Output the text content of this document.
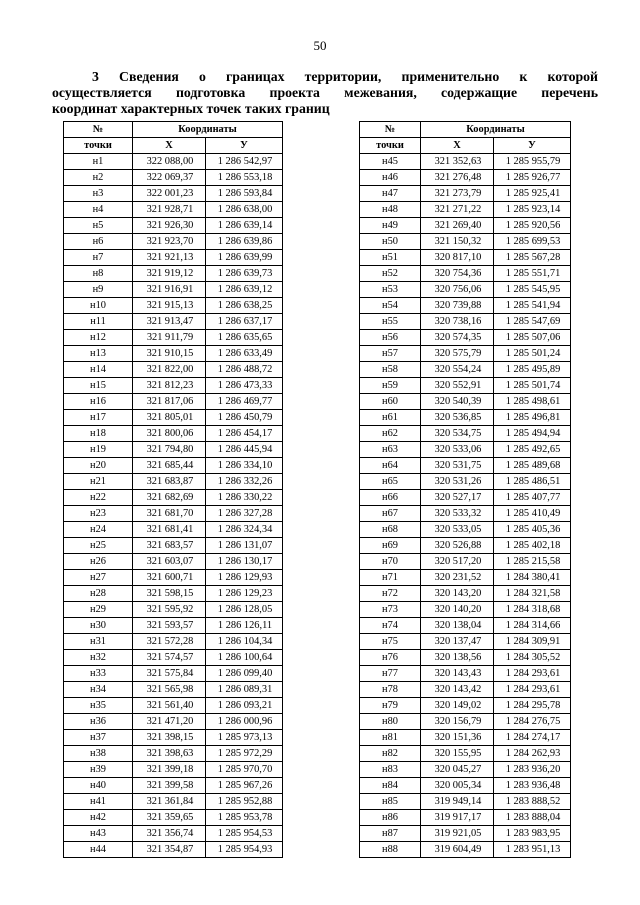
50

3 Сведения о границах территории, применительно к которой

осуществляется подготовка проекта межевания, содержащие перечень

координат характерных точек таких границ

№	Координаты	
точки	Х	У
н1	322 088,00	1 286 542,97
н2	322 069,37	1 286 553,18
н3	322 001,23	1 286 593,84
н4	321 928,71	1 286 638,00
н5	321 926,30	1 286 639,14
н6	321 923,70	1 286 639,86
н7	321 921,13	1 286 639,99
н8	321 919,12	1 286 639,73
н9	321 916,91	1 286 639,12
н10	321 915,13	1 286 638,25
н11	321 913,47	1 286 637,17
н12	321 911,79	1 286 635,65
н13	321 910,15	1 286 633,49
н14	321 822,00	1 286 488,72
н15	321 812,23	1 286 473,33
н16	321 817,06	1 286 469,77
н17	321 805,01	1 286 450,79
н18	321 800,06	1 286 454,17
н19	321 794,80	1 286 445,94
н20	321 685,44	1 286 334,10
н21	321 683,87	1 286 332,26
н22	321 682,69	1 286 330,22
н23	321 681,70	1 286 327,28
н24	321 681,41	1 286 324,34
н25	321 683,57	1 286 131,07
н26	321 603,07	1 286 130,17
н27	321 600,71	1 286 129,93
н28	321 598,15	1 286 129,23
н29	321 595,92	1 286 128,05
н30	321 593,57	1 286 126,11
н31	321 572,28	1 286 104,34
н32	321 574,57	1 286 100,64
н33	321 575,84	1 286 099,40
н34	321 565,98	1 286 089,31
н35	321 561,40	1 286 093,21
н36	321 471,20	1 286 000,96
н37	321 398,15	1 285 973,13
н38	321 398,63	1 285 972,29
н39	321 399,18	1 285 970,70
н40	321 399,58	1 285 967,26
н41	321 361,84	1 285 952,88
н42	321 359,65	1 285 953,78
н43	321 356,74	1 285 954,53
н44	321 354,87	1 285 954,93
№	Координаты	
точки	Х	У
н45	321 352,63	1 285 955,79
н46	321 276,48	1 285 926,77
н47	321 273,79	1 285 925,41
н48	321 271,22	1 285 923,14
н49	321 269,40	1 285 920,56
н50	321 150,32	1 285 699,53
н51	320 817,10	1 285 567,28
н52	320 754,36	1 285 551,71
н53	320 756,06	1 285 545,95
н54	320 739,88	1 285 541,94
н55	320 738,16	1 285 547,69
н56	320 574,35	1 285 507,06
н57	320 575,79	1 285 501,24
н58	320 554,24	1 285 495,89
н59	320 552,91	1 285 501,74
н60	320 540,39	1 285 498,61
н61	320 536,85	1 285 496,81
н62	320 534,75	1 285 494,94
н63	320 533,06	1 285 492,65
н64	320 531,75	1 285 489,68
н65	320 531,26	1 285 486,51
н66	320 527,17	1 285 407,77
н67	320 533,32	1 285 410,49
н68	320 533,05	1 285 405,36
н69	320 526,88	1 285 402,18
н70	320 517,20	1 285 215,58
н71	320 231,52	1 284 380,41
н72	320 143,20	1 284 321,58
н73	320 140,20	1 284 318,68
н74	320 138,04	1 284 314,66
н75	320 137,47	1 284 309,91
н76	320 138,56	1 284 305,52
н77	320 143,43	1 284 293,61
н78	320 143,42	1 284 293,61
н79	320 149,02	1 284 295,78
н80	320 156,79	1 284 276,75
н81	320 151,36	1 284 274,17
н82	320 155,95	1 284 262,93
н83	320 045,27	1 283 936,20
н84	320 005,34	1 283 936,48
н85	319 949,14	1 283 888,52
н86	319 917,17	1 283 888,04
н87	319 921,05	1 283 983,95
н88	319 604,49	1 283 951,13
